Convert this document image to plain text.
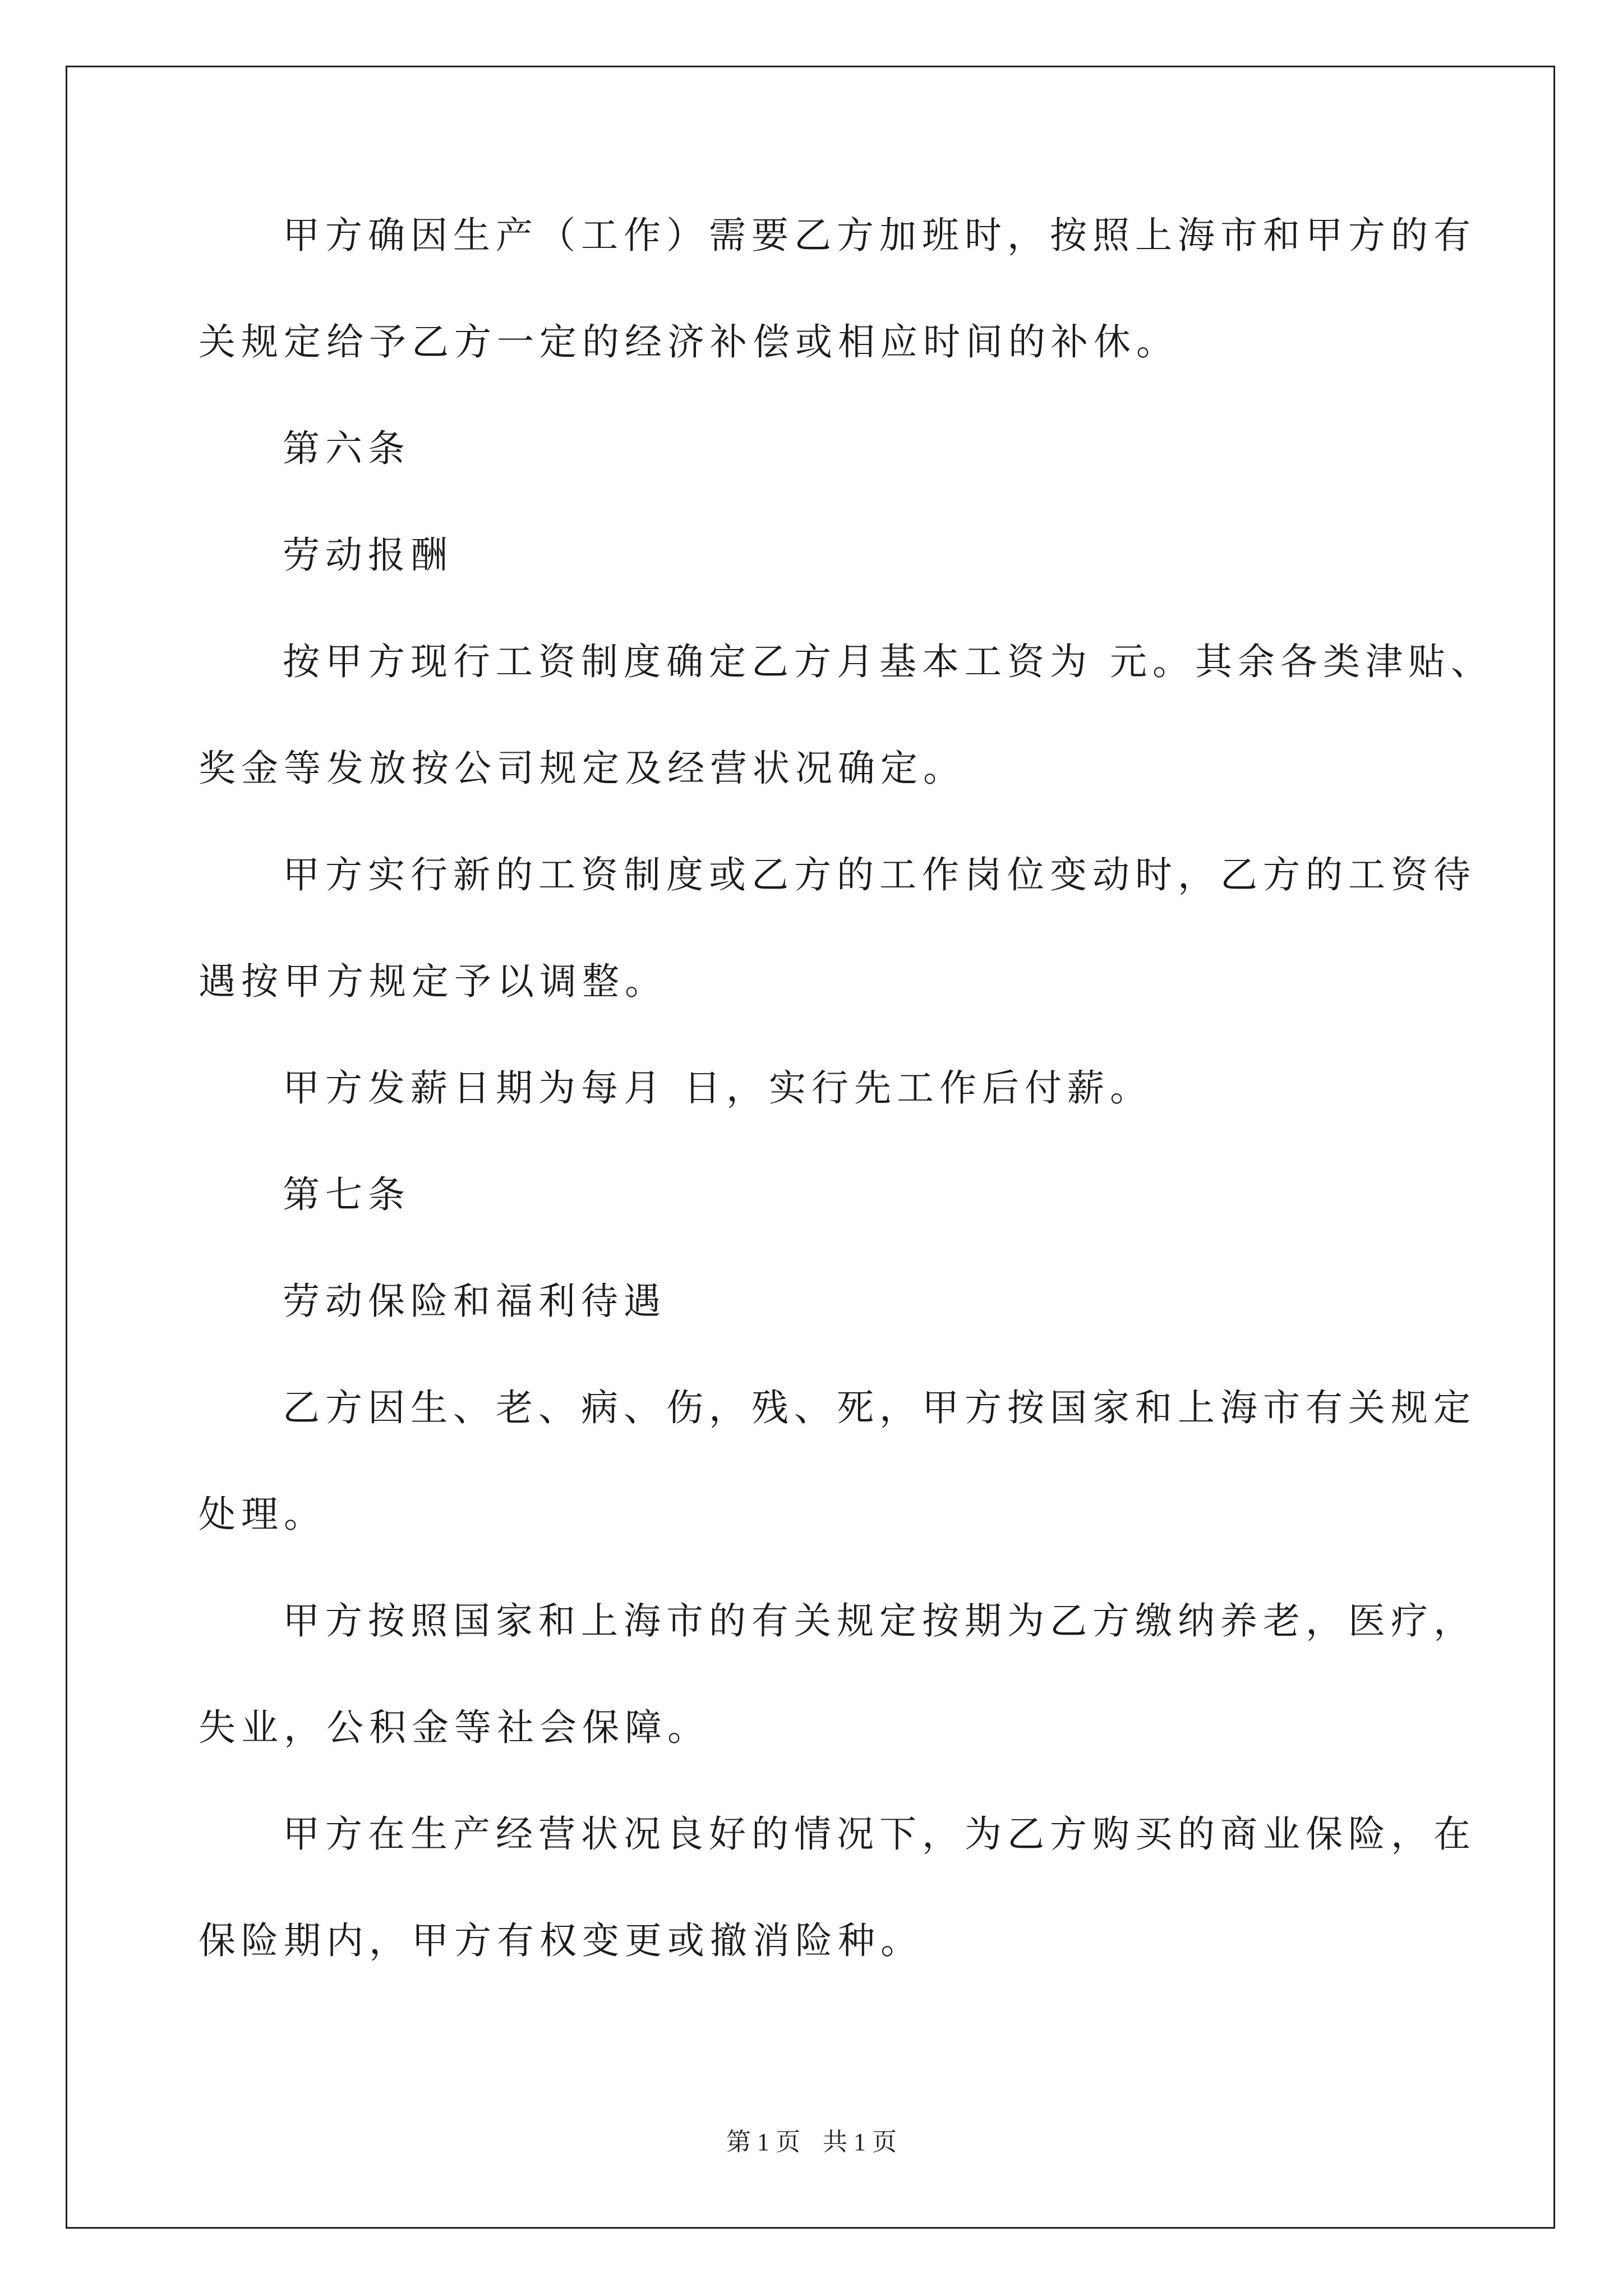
甲方确因生产（工作）需要乙方加班时，按照上海市和甲方的有
关规定给予乙方一定的经济补偿或相应时间的补休。
第六条
劳动报酬
按甲方现行工资制度确定乙方月基本工资为 元。其余各类津贴、
奖金等发放按公司规定及经营状况确定。
甲方实行新的工资制度或乙方的工作岗位变动时，乙方的工资待
遇按甲方规定予以调整。
甲方发薪日期为每月 日，实行先工作后付薪。
第七条
劳动保险和福利待遇
乙方因生、老、病、伤，残、死，甲方按国家和上海市有关规定
处理。
甲方按照国家和上海市的有关规定按期为乙方缴纳养老，医疗，
失业，公积金等社会保障。
甲方在生产经营状况良好的情况下，为乙方购买的商业保险，在
保险期内，甲方有权变更或撤消险种。
第 1 页 共 1 页
